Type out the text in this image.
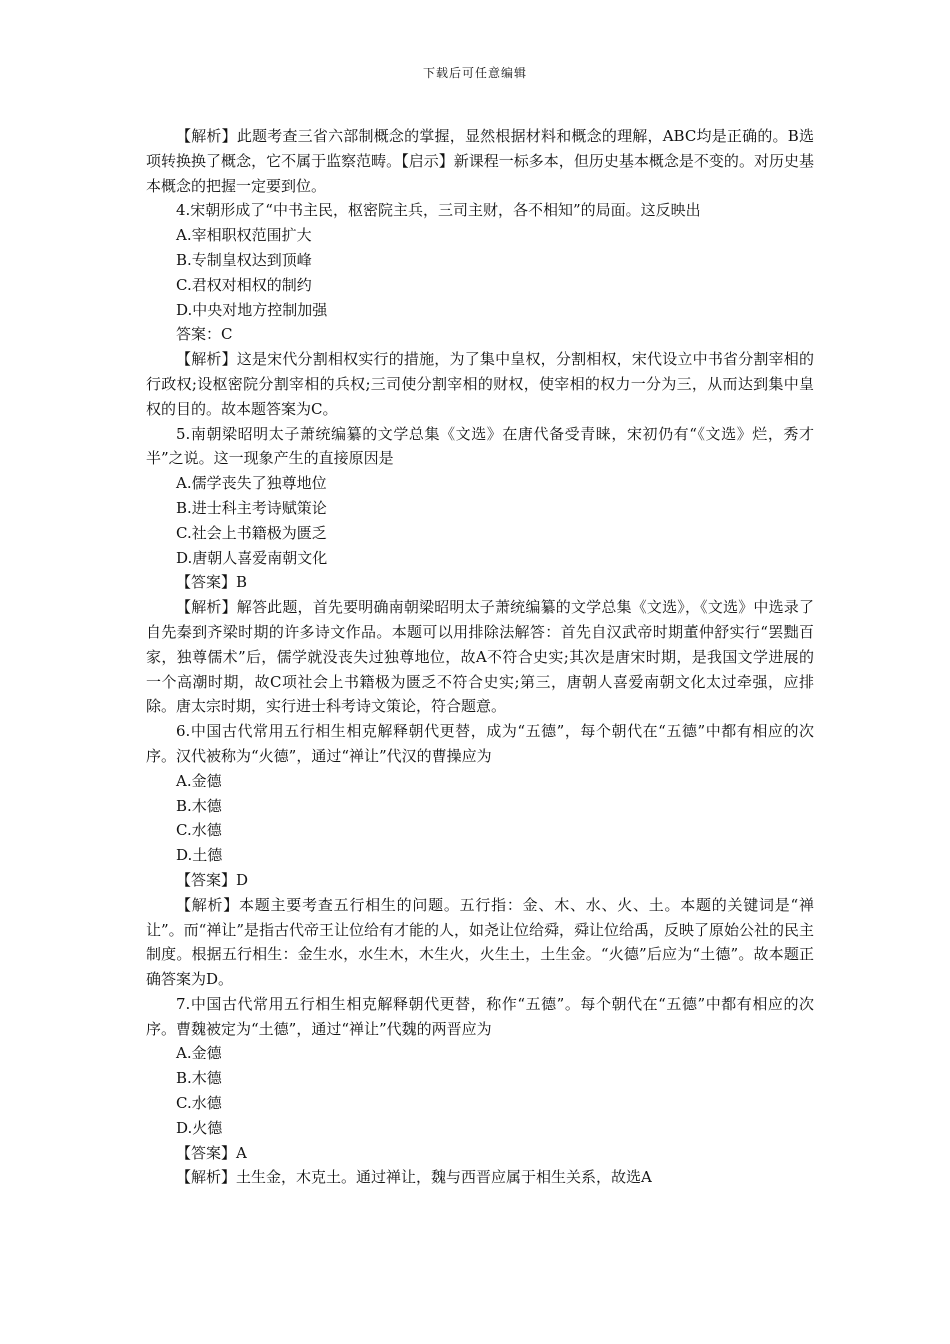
下载后可任意编辑

【解析】此题考查三省六部制概念的掌握，显然根据材料和概念的理解，ABC均是正确的。B选项转换换了概念，它不属于监察范畴。【启示】新课程一标多本，但历史基本概念是不变的。对历史基本概念的把握一定要到位。

4.宋朝形成了“中书主民，枢密院主兵，三司主财，各不相知”的局面。这反映出

A.宰相职权范围扩大

B.专制皇权达到顶峰

C.君权对相权的制约

D.中央对地方控制加强

答案：C

【解析】这是宋代分割相权实行的措施，为了集中皇权，分割相权，宋代设立中书省分割宰相的行政权;设枢密院分割宰相的兵权;三司使分割宰相的财权，使宰相的权力一分为三，从而达到集中皇权的目的。故本题答案为C。

5.南朝梁昭明太子萧统编纂的文学总集《文选》在唐代备受青睐，宋初仍有“《文选》烂，秀才半”之说。这一现象产生的直接原因是

A.儒学丧失了独尊地位

B.进士科主考诗赋策论

C.社会上书籍极为匮乏

D.唐朝人喜爱南朝文化

【答案】B

【解析】解答此题，首先要明确南朝梁昭明太子萧统编纂的文学总集《文选》，《文选》中选录了自先秦到齐梁时期的许多诗文作品。本题可以用排除法解答：首先自汉武帝时期董仲舒实行“罢黜百家，独尊儒术”后，儒学就没丧失过独尊地位，故A不符合史实;其次是唐宋时期，是我国文学进展的一个高潮时期，故C项社会上书籍极为匮乏不符合史实;第三，唐朝人喜爱南朝文化太过牵强，应排除。唐太宗时期，实行进士科考诗文策论，符合题意。

6.中国古代常用五行相生相克解释朝代更替，成为“五德”，每个朝代在“五德”中都有相应的次序。汉代被称为“火德”，通过“禅让”代汉的曹操应为

A.金德

B.木德

C.水德

D.土德

【答案】D

【解析】本题主要考查五行相生的问题。五行指：金、木、水、火、土。本题的关键词是“禅让”。而“禅让”是指古代帝王让位给有才能的人，如尧让位给舜，舜让位给禹，反映了原始公社的民主制度。根据五行相生：金生水，水生木，木生火，火生土，土生金。“火德”后应为“土德”。故本题正确答案为D。

7.中国古代常用五行相生相克解释朝代更替，称作“五德”。每个朝代在“五德”中都有相应的次序。曹魏被定为“土德”，通过“禅让”代魏的两晋应为

A.金德

B.木德

C.水德

D.火德

【答案】A

【解析】土生金，木克土。通过禅让，魏与西晋应属于相生关系，故选A
